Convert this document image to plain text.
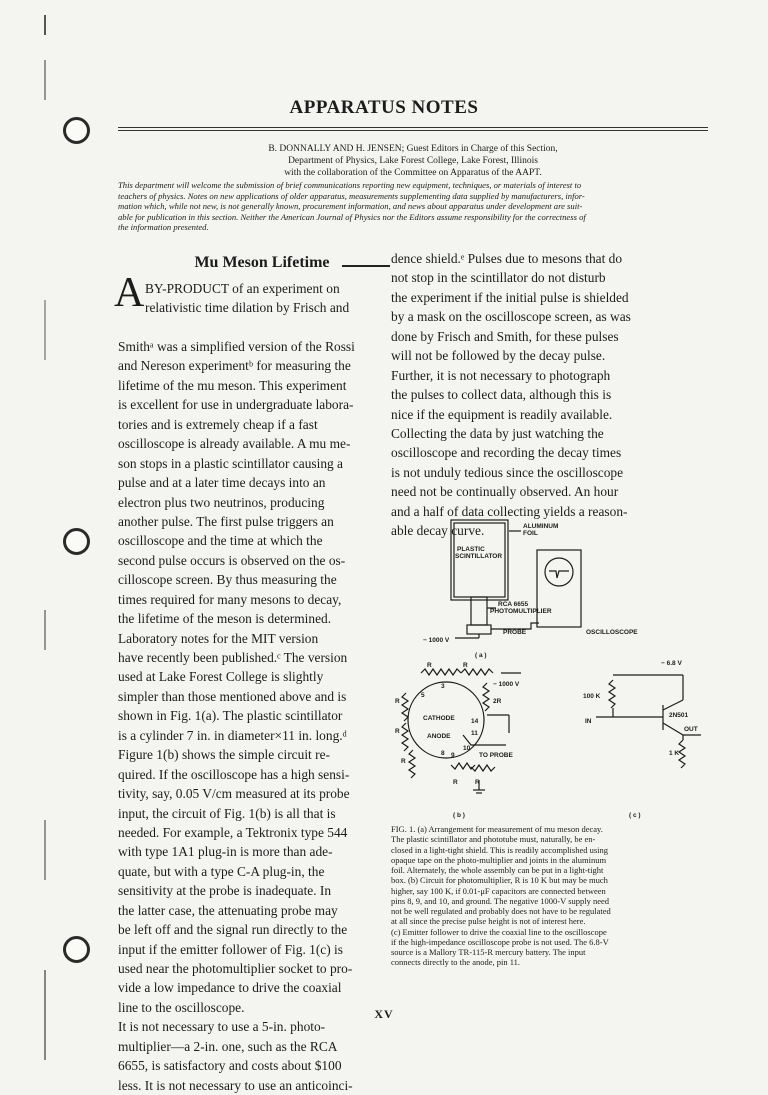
APPARATUS NOTES
B. DONNALLY AND H. JENSEN; Guest Editors in Charge of this Section,
Department of Physics, Lake Forest College, Lake Forest, Illinois
with the collaboration of the Committee on Apparatus of the AAPT.
This department will welcome the submission of brief communications reporting new equipment, techniques, or materials of interest to
teachers of physics. Notes on new applications of older apparatus, measurements supplementing data supplied by manufacturers, infor-
mation which, while not new, is not generally known, procurement information, and news about apparatus under development are suit-
able for publication in this section. Neither the American Journal of Physics nor the Editors assume responsibility for the correctness of
the information presented.
Mu Meson Lifetime
A BY-PRODUCT of an experiment on
relativistic time dilation by Frisch and
Smithᵃ was a simplified version of the Rossi
and Nereson experimentᵇ for measuring the
lifetime of the mu meson. This experiment
is excellent for use in undergraduate labora-
tories and is extremely cheap if a fast
oscilloscope is already available. A mu me-
son stops in a plastic scintillator causing a
pulse and at a later time decays into an
electron plus two neutrinos, producing
another pulse. The first pulse triggers an
oscilloscope and the time at which the
second pulse occurs is observed on the os-
cilloscope screen. By thus measuring the
times required for many mesons to decay,
the lifetime of the meson is determined.
Laboratory notes for the MIT version
have recently been published.ᶜ The version
used at Lake Forest College is slightly
simpler than those mentioned above and is
shown in Fig. 1(a). The plastic scintillator
is a cylinder 7 in. in diameter×11 in. long.ᵈ
Figure 1(b) shows the simple circuit re-
quired. If the oscilloscope has a high sensi-
tivity, say, 0.05 V/cm measured at its probe
input, the circuit of Fig. 1(b) is all that is
needed. For example, a Tektronix type 544
with type 1A1 plug-in is more than ade-
quate, but with a type C-A plug-in, the
sensitivity at the probe is inadequate. In
the latter case, the attenuating probe may
be left off and the signal run directly to the
input if the emitter follower of Fig. 1(c) is
used near the photomultiplier socket to pro-
vide a low impedance to drive the coaxial
line to the oscilloscope.
It is not necessary to use a 5-in. photo-
multiplier—a 2-in. one, such as the RCA
6655, is satisfactory and costs about $100
less. It is not necessary to use an anticoinci-
dence shield.ᵉ Pulses due to mesons that do
not stop in the scintillator do not disturb
the experiment if the initial pulse is shielded
by a mask on the oscilloscope screen, as was
done by Frisch and Smith, for these pulses
will not be followed by the decay pulse.
Further, it is not necessary to photograph
the pulses to collect data, although this is
nice if the equipment is readily available.
Collecting the data by just watching the
oscilloscope and recording the decay times
is not unduly tedious since the oscilloscope
need not be continually observed. An hour
and a half of data collecting yields a reason-
able decay curve.	ALUMINUM
FOIL
PLASTIC
SCINTILLATOR
RCA 6655
PHOTOMULTIPLIER
PROBE	OSCILLOSCOPE
− 1000 V
( a )
− 1000 V
CATHODE
ANODE
TO PROBE
2R
R	R
R
R
R
R	R
3
5
14
11
10
8 9
( b )
− 6.8 V
100 K
IN
2N501
OUT
1 K
( c )
FIG. 1. (a) Arrangement for measurement of mu meson decay.
The plastic scintillator and phototube must, naturally, be en-
closed in a light-tight shield. This is readily accomplished using
opaque tape on the photo-multiplier and joints in the aluminum
foil. Alternately, the whole assembly can be put in a light-tight
box. (b) Circuit for photomultiplier, R is 10 K but may be much
higher, say 100 K, if 0.01-μF capacitors are connected between
pins 8, 9, and 10, and ground. The negative 1000-V supply need
not be well regulated and probably does not have to be regulated
at all since the precise pulse height is not of interest here.
(c) Emitter follower to drive the coaxial line to the oscilloscope
if the high-impedance oscilloscope probe is not used. The 6.8-V
source is a Mallory TR-115-R mercury battery. The input
connects directly to the anode, pin 11.
XV
